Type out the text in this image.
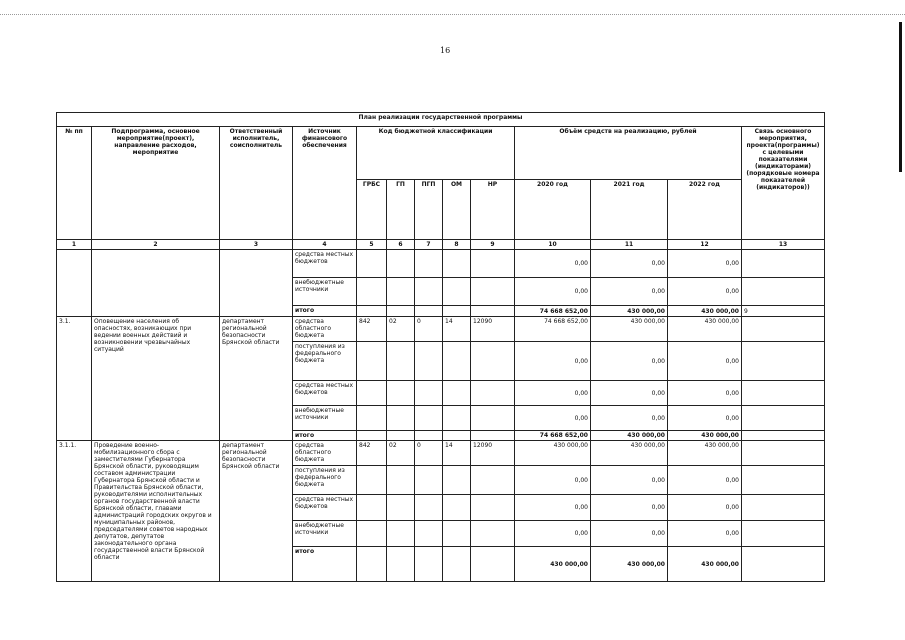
16
План реализации государственной программы												
№ пп	Подпрограмма, основное мероприятие(проект), направление расходов, мероприятие	Ответственный исполнитель, соисполнитель	Источник финансового обеспечения	Код бюджетной классификации					Объём средств на реализацию, рублей			Связь основного мероприятия, проекта(программы) с целевыми показателями (индикаторами) (порядковые номера показателей (индикаторов))
				ГРБС	ГП	ПГП	ОМ	НР	2020 год	2021 год	2022 год	
1	2	3	4	5	6	7	8	9	10	11	12	13
			средства местных бюджетов						0,00	0,00	0,00	
			внебюджетные источники						0,00	0,00	0,00	
			итого						74 668 652,00	430 000,00	430 000,00	9
3.1.	Оповещение населения об опасностях, возникающих при ведении военных действий и возникновении чрезвычайных ситуаций	департамент региональной безопасности Брянской области	средства областного бюджета	842	02	0	14	12090	74 668 652,00	430 000,00	430 000,00	
			поступления из федерального бюджета						0,00	0,00	0,00	
			средства местных бюджетов						0,00	0,00	0,00	
			внебюджетные источники						0,00	0,00	0,00	
			итого						74 668 652,00	430 000,00	430 000,00	
3.1.1.	Проведение военно-мобилизационного сбора с заместителями Губернатора Брянской области, руководящим составом администрации Губернатора Брянской области и Правительства Брянской области, руководителями исполнительных органов государственной власти Брянской области, главами администраций городских округов и муниципальных районов, председателями советов народных депутатов, депутатов законодательного органа государственной власти Брянской области	департамент региональной безопасности Брянской области	средства областного бюджета	842	02	0	14	12090	430 000,00	430 000,00	430 000,00	
			поступления из федерального бюджета						0,00	0,00	0,00	
			средства местных бюджетов						0,00	0,00	0,00	
			внебюджетные источники						0,00	0,00	0,00	
			итого						430 000,00	430 000,00	430 000,00	
